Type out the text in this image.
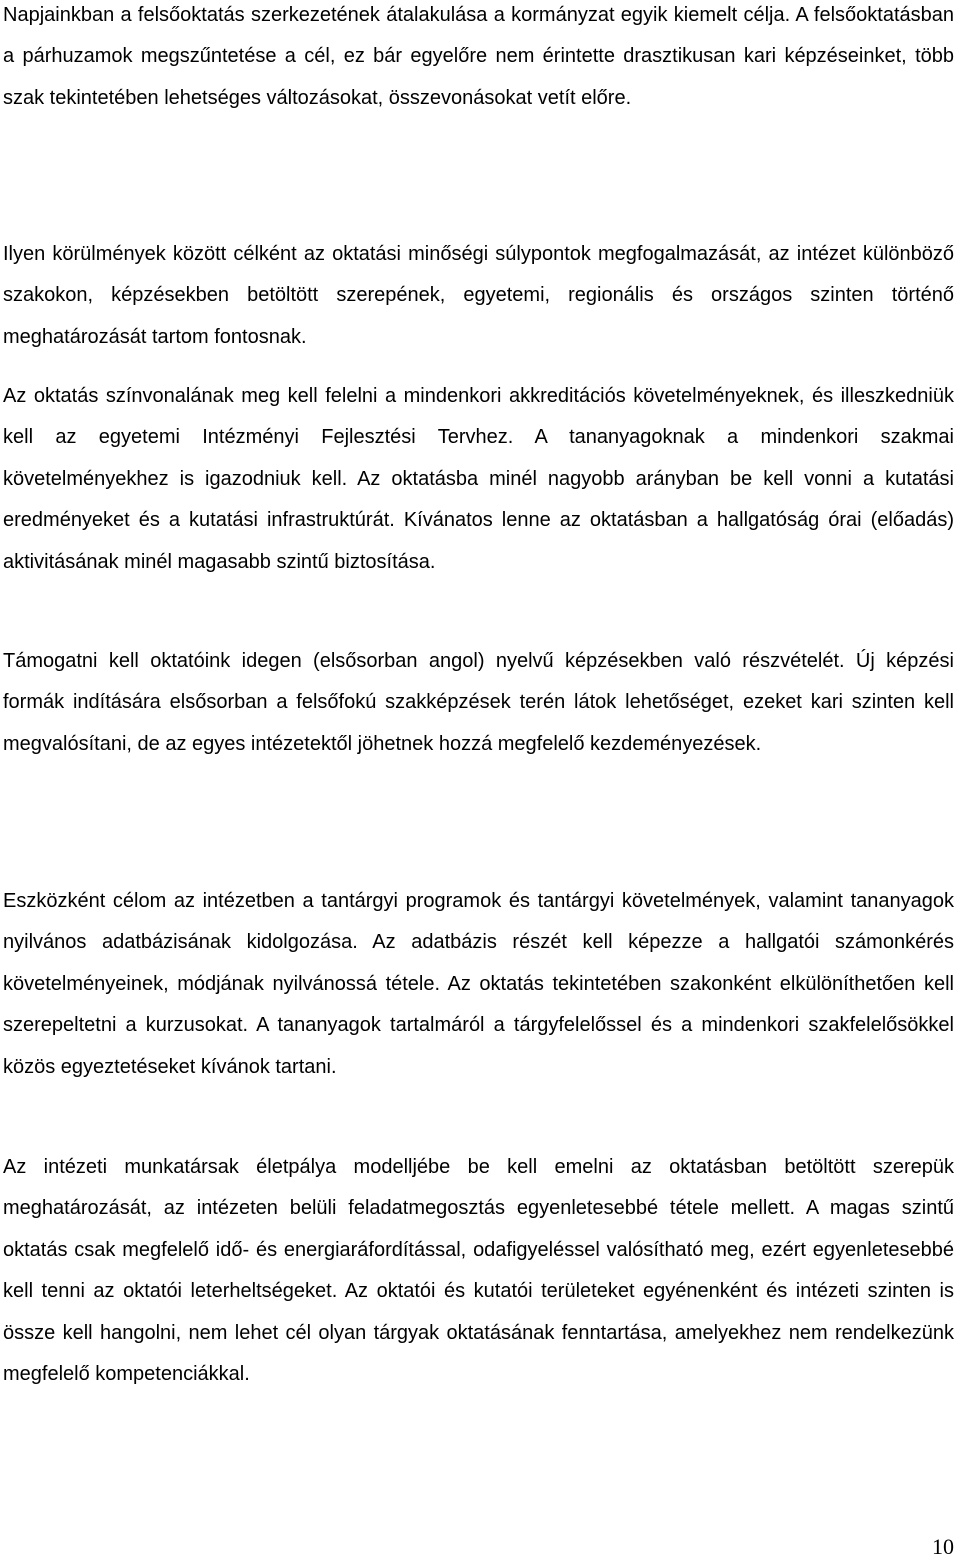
Napjainkban a felsőoktatás szerkezetének átalakulása a kormányzat egyik kiemelt célja. A felsőoktatásban a párhuzamok megszűntetése a cél, ez bár egyelőre nem érintette drasztikusan kari képzéseinket, több szak tekintetében lehetséges változásokat, összevonásokat vetít előre.

Ilyen körülmények között célként az oktatási minőségi súlypontok megfogalmazását, az intézet különböző szakokon, képzésekben betöltött szerepének, egyetemi, regionális és országos szinten történő meghatározását tartom fontosnak.

Az oktatás színvonalának meg kell felelni a mindenkori akkreditációs követelményeknek, és illeszkedniük kell az egyetemi Intézményi Fejlesztési Tervhez. A tananyagoknak a mindenkori szakmai követelményekhez is igazodniuk kell. Az oktatásba minél nagyobb arányban be kell vonni a kutatási eredményeket és a kutatási infrastruktúrát. Kívánatos lenne az oktatásban a hallgatóság órai (előadás) aktivitásának minél magasabb szintű biztosítása.

Támogatni kell oktatóink idegen (elsősorban angol) nyelvű képzésekben való részvételét. Új képzési formák indítására elsősorban a felsőfokú szakképzések terén látok lehetőséget, ezeket kari szinten kell megvalósítani, de az egyes intézetektől jöhetnek hozzá megfelelő kezdeményezések.

Eszközként célom az intézetben a tantárgyi programok és tantárgyi követelmények, valamint tananyagok nyilvános adatbázisának kidolgozása. Az adatbázis részét kell képezze a hallgatói számonkérés követelményeinek, módjának nyilvánossá tétele. Az oktatás tekintetében szakonként elkülöníthetően kell szerepeltetni a kurzusokat. A tananyagok tartalmáról a tárgyfelelőssel és a mindenkori szakfelelősökkel közös egyeztetéseket kívánok tartani.

Az intézeti munkatársak életpálya modelljébe be kell emelni az oktatásban betöltött szerepük meghatározását, az intézeten belüli feladatmegosztás egyenletesebbé tétele mellett. A magas szintű oktatás csak megfelelő idő- és energiaráfordítással, odafigyeléssel valósítható meg, ezért egyenletesebbé kell tenni az oktatói leterheltségeket. Az oktatói és kutatói területeket egyénenként és intézeti szinten is össze kell hangolni, nem lehet cél olyan tárgyak oktatásának fenntartása, amelyekhez nem rendelkezünk megfelelő kompetenciákkal.

10
